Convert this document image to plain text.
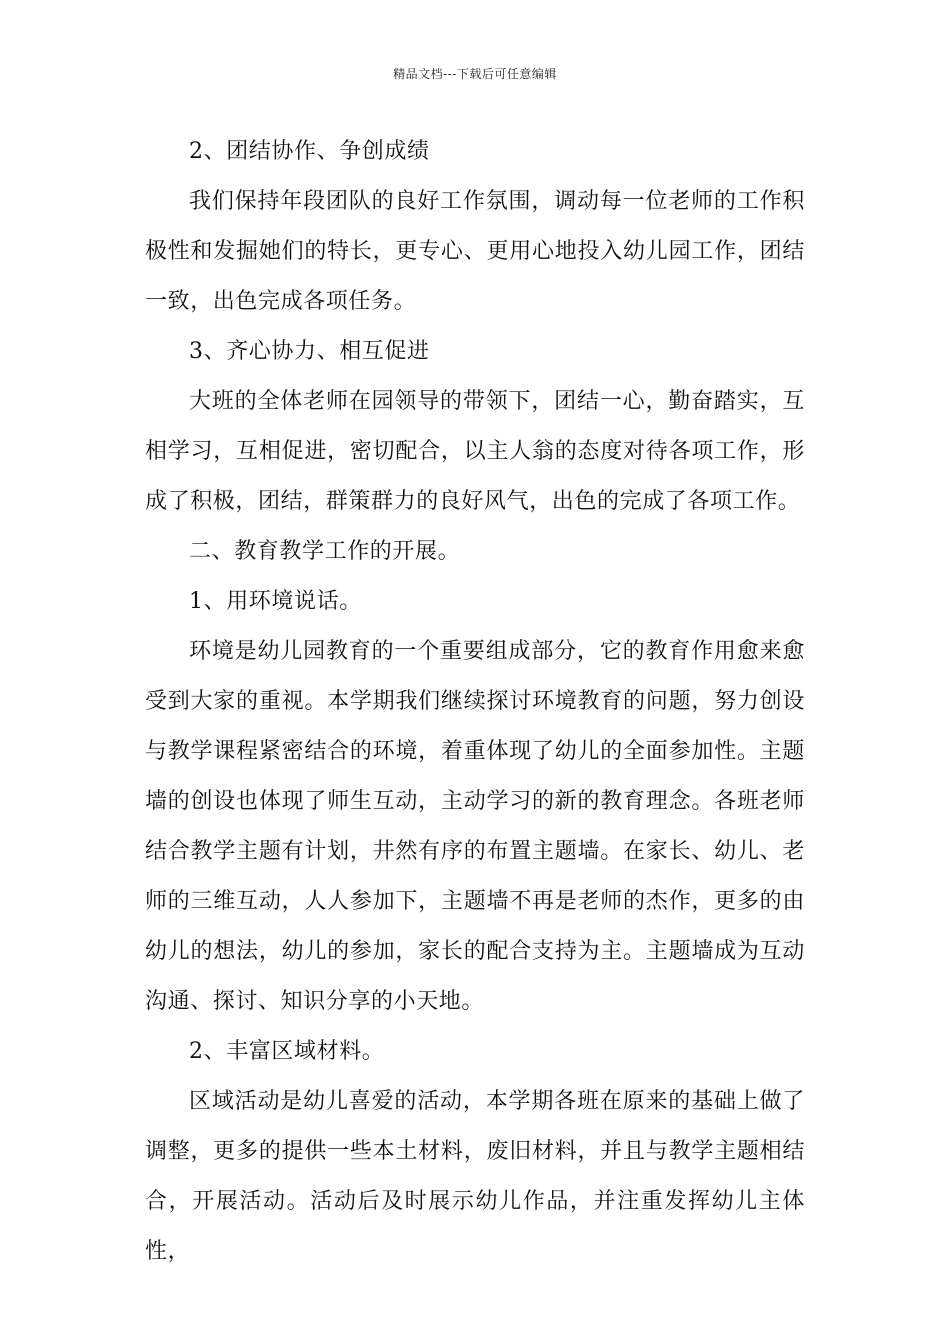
精品文档---下载后可任意编辑

2、团结协作、争创成绩

我们保持年段团队的良好工作氛围，调动每一位老师的工作积极性和发掘她们的特长，更专心、更用心地投入幼儿园工作，团结一致，出色完成各项任务。

3、齐心协力、相互促进

大班的全体老师在园领导的带领下，团结一心，勤奋踏实，互相学习，互相促进，密切配合，以主人翁的态度对待各项工作，形成了积极，团结，群策群力的良好风气，出色的完成了各项工作。

二、教育教学工作的开展。

1、用环境说话。

环境是幼儿园教育的一个重要组成部分，它的教育作用愈来愈受到大家的重视。本学期我们继续探讨环境教育的问题，努力创设与教学课程紧密结合的环境，着重体现了幼儿的全面参加性。主题墙的创设也体现了师生互动，主动学习的新的教育理念。各班老师结合教学主题有计划，井然有序的布置主题墙。在家长、幼儿、老师的三维互动，人人参加下，主题墙不再是老师的杰作，更多的由幼儿的想法，幼儿的参加，家长的配合支持为主。主题墙成为互动沟通、探讨、知识分享的小天地。

2、丰富区域材料。

区域活动是幼儿喜爱的活动，本学期各班在原来的基础上做了调整，更多的提供一些本土材料，废旧材料，并且与教学主题相结合，开展活动。活动后及时展示幼儿作品，并注重发挥幼儿主体性，
